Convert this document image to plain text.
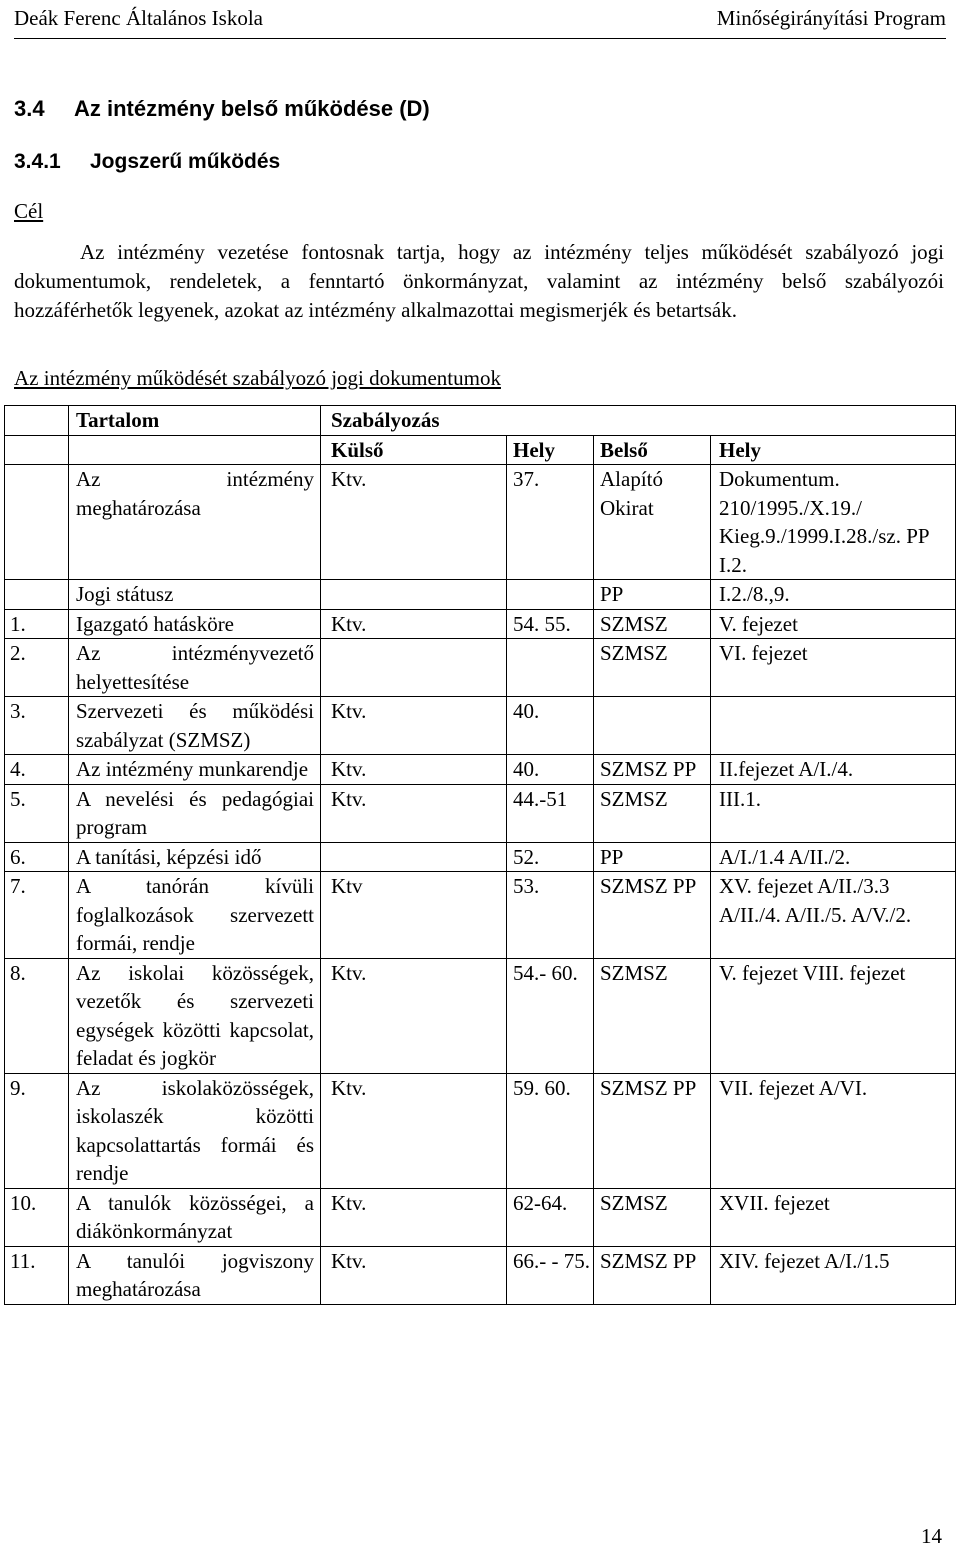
Deák Ferenc Általános Iskola	Minőségirányítási Program
3.4 Az intézmény belső működése (D)
3.4.1 Jogszerű működés
Cél

Az intézmény vezetése fontosnak tartja, hogy az intézmény teljes működését szabályozó jogi dokumentumok, rendeletek, a fenntartó önkormányzat, valamint az intézmény belső szabályozói hozzáférhetők legyenek, azokat az intézmény alkalmazottai megismerjék és betartsák.

Az intézmény működését szabályozó jogi dokumentumok
	Tartalom	Szabályozás			
		Külső	Hely	Belső	Hely
	Az intézmény meghatározása	Ktv.	37.	Alapító Okirat	Dokumentum. 210/1995./X.19./ Kieg.9./1999.I.28./sz. PP I.2.
	Jogi státusz			PP	I.2./8.,9.
1.	Igazgató hatásköre	Ktv.	54. 55.	SZMSZ	V. fejezet
2.	Az intézményvezető helyettesítése			SZMSZ	VI. fejezet
3.	Szervezeti és működési szabályzat (SZMSZ)	Ktv.	40.		
4.	Az intézmény munkarendje	Ktv.	40.	SZMSZ PP	II.fejezet A/I./4.
5.	A nevelési és pedagógiai program	Ktv.	44.-51	SZMSZ	III.1.
6.	A tanítási, képzési idő		52.	PP	A/I./1.4 A/II./2.
7.	A tanórán kívüli foglalkozások szervezett formái, rendje	Ktv	53.	SZMSZ PP	XV. fejezet A/II./3.3 A/II./4. A/II./5. A/V./2.
8.	Az iskolai közösségek, vezetők és szervezeti egységek közötti kapcsolat, feladat és jogkör	Ktv.	54.- 60.	SZMSZ	V. fejezet VIII. fejezet
9.	Az iskolaközösségek, iskolaszék közötti kapcsolattartás formái és rendje	Ktv.	59. 60.	SZMSZ PP	VII. fejezet A/VI.
10.	A tanulók közösségei, a diákönkormányzat	Ktv.	62-64.	SZMSZ	XVII. fejezet
11.	A tanulói jogviszony meghatározása	Ktv.	66.- - 75.	SZMSZ PP	XIV. fejezet A/I./1.5
14
